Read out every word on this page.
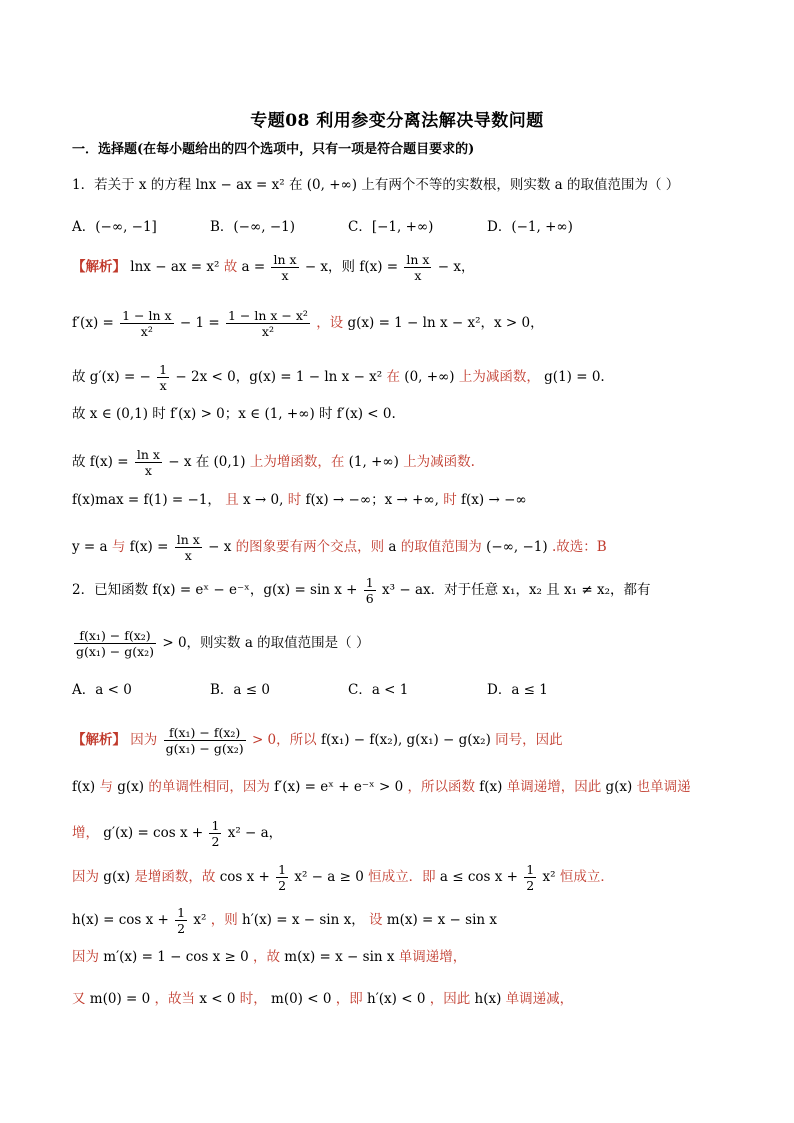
专题08 利用参变分离法解决导数问题
一．选择题(在每小题给出的四个选项中，只有一项是符合题目要求的)
1．若关于 x 的方程 lnx − ax = x² 在 (0, +∞) 上有两个不等的实数根，则实数 a 的取值范围为（ ）
A．(−∞, −1]	B．(−∞, −1)	C．[−1, +∞)	D．(−1, +∞)
【解析】 lnx − ax = x² 故 $a = \frac{\text{ln x}}{x} - x$，则 $f(x) = \frac{\text{ln x}}{x} - x$，
$f'(x) = \frac{\text{1 − ln x}}{\text{x²}} - 1 = \frac{\text{1 − ln x − x²}}{\text{x²}}$ ，设 g(x) = 1 − ln x − x²，x > 0，
故 g′(x) = − $\frac{1}{x} - 2x < 0$，g(x) = 1 − ln x − x² 在 (0, +∞) 上为减函数， g(1) = 0.
故 x ∈ (0,1) 时 f′(x) > 0；x ∈ (1, +∞) 时 f′(x) < 0.
故 $f(x) = \frac{\text{ln x}}{x} - x$ 在 (0,1) 上为增函数，在 (1, +∞) 上为减函数.
f(x)max = f(1) = −1， 且 x → 0, 时 f(x) → −∞；x → +∞, 时 f(x) → −∞
y = a 与 $f(x) = \frac{\text{ln x}}{x} - x$ 的图象要有两个交点，则 a 的取值范围为 (−∞, −1) .故选：B
2．已知函数 f(x) = eˣ − e⁻ˣ，$g(x) = \sin x + \frac{1}{6} x^3$ − ax．对于任意 x₁，x₂ 且 x₁ ≠ x₂，都有
$\frac{\text{f(x₁) − f(x₂)}}{\text{g(x₁) − g(x₂)}} > 0$，则实数 a 的取值范围是（ ）
A．a < 0	B．a ≤ 0	C．a < 1	D．a ≤ 1
【解析】 因为 $\frac{\text{f(x₁) − f(x₂)}}{\text{g(x₁) − g(x₂)}} > 0$，所以 f(x₁) − f(x₂), g(x₁) − g(x₂) 同号，因此
f(x) 与 g(x) 的单调性相同，因为 f′(x) = eˣ + e⁻ˣ > 0 ，所以函数 f(x) 单调递增，因此 g(x) 也单调递
增， $g'(x) = \cos x + \frac{1}{2} x^2 - a$，
因为 g(x) 是增函数，故 $\cos x + \frac{1}{2} x^2 - a \ge 0$ 恒成立．即 $a \le \cos x + \frac{1}{2} x^2$ 恒成立．
$h(x) = \cos x + \frac{1}{2} x^2$ ，则 h′(x) = x − sin x， 设 m(x) = x − sin x
因为 m′(x) = 1 − cos x ≥ 0 ，故 m(x) = x − sin x 单调递增，
又 m(0) = 0 ，故当 x < 0 时， m(0) < 0 ，即 h′(x) < 0 ，因此 h(x) 单调递减，
